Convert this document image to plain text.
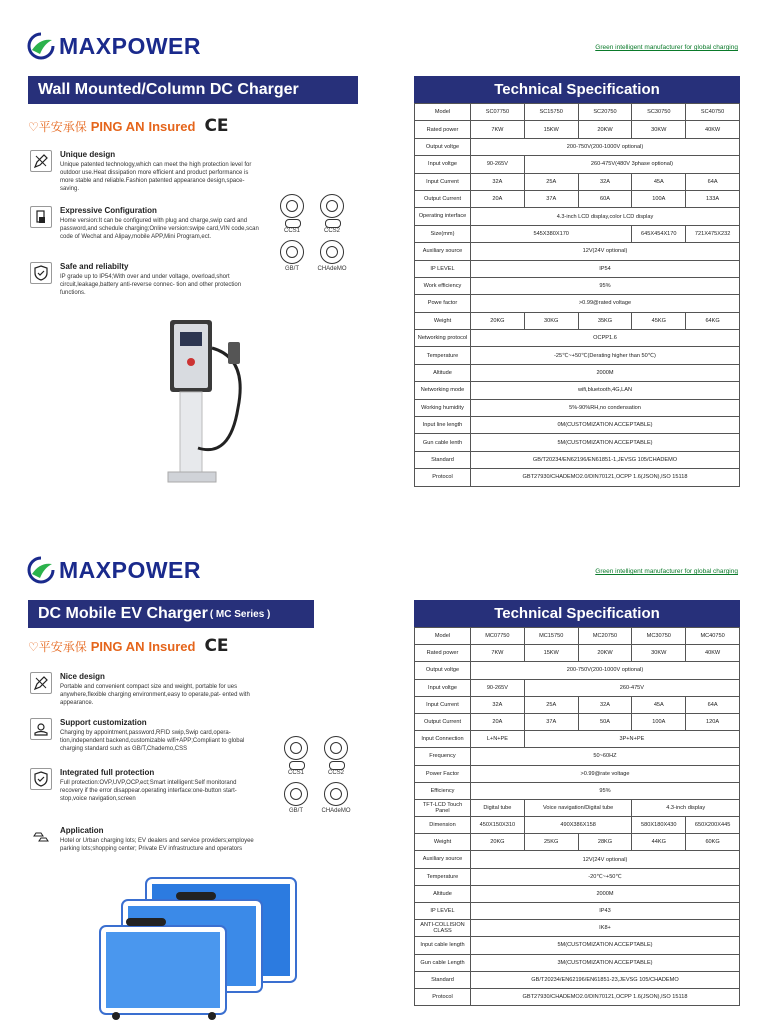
MAXPOWER	Green intelligent manufacturer for global charging
Wall Mounted/Column DC Charger
♡平安承保 PING AN Insured CE
Unique design
Unique patented technology,which can meet the high protection level for outdoor use.Heat dissipation more efficient and product performance is more stable and reliable.Fashion patented appearance design,space-saving.
Expressive Configuration
Home version:It can be configured with plug and charge,swip card and password,and schedule charging;Online version:swipe card,VIN code,scan code of Wechat and Alipay,mobile APP,Mini Program,ect.
Safe and reliabilty
IP grade up to IP54;With over and under voltage, overload,short circuit,leakage,battery anti-reverse connec- tion and other protection functions.
CCS1	CCS2
GB/T	CHAdeMO
Technical Specification
Model	SC07750	SC15750	SC20750	SC30750	SC40750
Rated power	7KW	15KW	20KW	30KW	40KW
Output voltge	200-750V(200-1000V optional)				
Input voltge	90-265V	260-475V(480V 3phase optional)			
Input Current	32A	25A	32A	45A	64A
Output Current	20A	37A	60A	100A	133A
Operating interface	4.3-inch LCD display,color LCD display				
Size(mm)	545X380X170			645X454X170	721X475X232
Auxiliary source	12V(24V optional)				
IP LEVEL	IP54				
Work efficiency	95%				
Powe factor	>0.99@rated voltage				
Weight	20KG	30KG	35KG	45KG	64KG
Networking protocol	OCPP1.6				
Temperature	-25℃~+50℃(Derating higher than 50℃)				
Altitude	2000M				
Networking mode	wifi,bluetooth,4G,LAN				
Working humidity	5%-90%RH,no condensation				
Input line length	0M(CUSTOMIZATION ACCEPTABLE)				
Gun cable lenth	5M(CUSTOMIZATION ACCEPTABLE)				
Standard	GB/T20234/EN62196/EN61851-1,JEVSG 105/CHADEMO				
Protocol	GBT27930/CHADEMO2.0/DIN70121,OCPP 1.6(JSON),ISO 15118				
MAXPOWER	Green intelligent manufacturer for global charging
DC Mobile EV Charger ( MC Series )
♡平安承保 PING AN Insured CE
Nice design
Portable and convenient compact size and weight, portable for ues anywhere,flexible charging environment,easy to operate,pat- ented with appearance.
Support customization
Charging by appointment,password,RFID swip,Swip card,opera- tion,independent backend,customizable wifi+APP;Compliant to global charging standard such as GB/T,Chademo,CSS
Integrated full protection
Full protection:OVP,UVP,OCP,ect;Smart intelligent:Self monitorand recovery if the error disappear.operating interface:one-button start-stop,voice navigation,screen
Application
Hotel or Urban charging lots; EV dealers and service providers;employee parking lots;shopping center; Private EV infrastructure and operators
CCS1	CCS2
GB/T	CHAdeMO
Technical Specification
Model	MC07750	MC15750	MC20750	MC30750	MC40750
Rated power	7KW	15KW	20KW	30KW	40KW
Output voltge	200-750V(200-1000V optional)				
Input voltge	90-265V	260-475V			
Input Current	32A	25A	32A	45A	64A
Output Current	20A	37A	50A	100A	120A
Input Connection	L+N+PE	3P+N+PE			
Frequency	50~60HZ				
Power Factor	>0.99@rate voltage				
Efficiency	95%				
TFT-LCD Touch Panel	Digital tube	Voice navigation/Digital tube		4.3-inch display	
Dimension	450X150X310	490X386X158		580X180X430	650X200X445
Weight	20KG	25KG	28KG	44KG	60KG
Auxiliary source	12V(24V optional)				
Temperature	-20℃~+50℃				
Altitude	2000M				
IP LEVEL	IP43				
ANTI-COLLISION CLASS	IK8+				
Input cable length	5M(CUSTOMIZATION ACCEPTABLE)				
Gun cable Length	3M(CUSTOMIZATION ACCEPTABLE)				
Standard	GB/T20234/EN62196/EN61851-23,JEVSG 105/CHADEMO				
Protocol	GBT27930/CHADEMO2.0/DIN70121,OCPP 1.6(JSON),ISO 15118				
